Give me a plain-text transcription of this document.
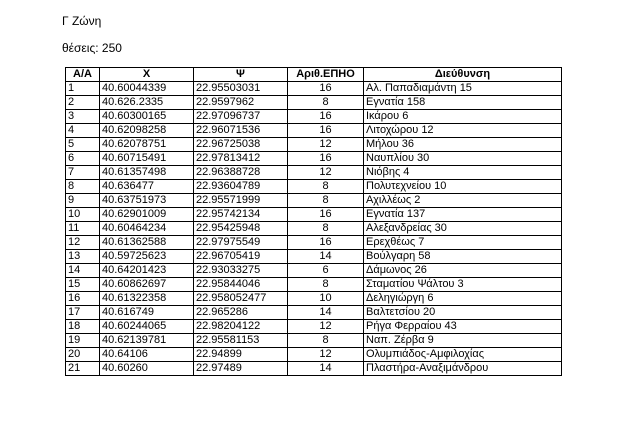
Γ Ζώνη
θέσεις: 250
Α/Α	Χ	Ψ	Αριθ.ΕΠΗΟ	Διεύθυνση
1	40.60044339	22.95503031	16	Αλ. Παπαδιαμάντη 15
2	40.626.2335	22.9597962	8	Εγνατία 158
3	40.60300165	22.97096737	16	Ικάρου 6
4	40.62098258	22.96071536	16	Λιτοχώρου 12
5	40.62078751	22.96725038	12	Μήλου 36
6	40.60715491	22.97813412	16	Ναυπλίου 30
7	40.61357498	22.96388728	12	Νιόβης 4
8	40.636477	22.93604789	8	Πολυτεχνείου 10
9	40.63751973	22.95571999	8	Αχιλλέως 2
10	40.62901009	22.95742134	16	Εγνατία 137
11	40.60464234	22.95425948	8	Αλεξανδρείας 30
12	40.61362588	22.97975549	16	Ερεχθέως 7
13	40.59725623	22.96705419	14	Βούλγαρη 58
14	40.64201423	22.93033275	6	Δάμωνος 26
15	40.60862697	22.95844046	8	Σταματίου Ψάλτου 3
16	40.61322358	22.958052477	10	Δεληγιώργη 6
17	40.616749	22.965286	14	Βαλτετσίου 20
18	40.60244065	22.98204122	12	Ρήγα Φερραίου 43
19	40.62139781	22.95581153	8	Ναπ. Ζέρβα 9
20	40.64106	22.94899	12	Ολυμπιάδος-Αμφιλοχίας
21	40.60260	22.97489	14	Πλαστήρα-Αναξιμάνδρου
